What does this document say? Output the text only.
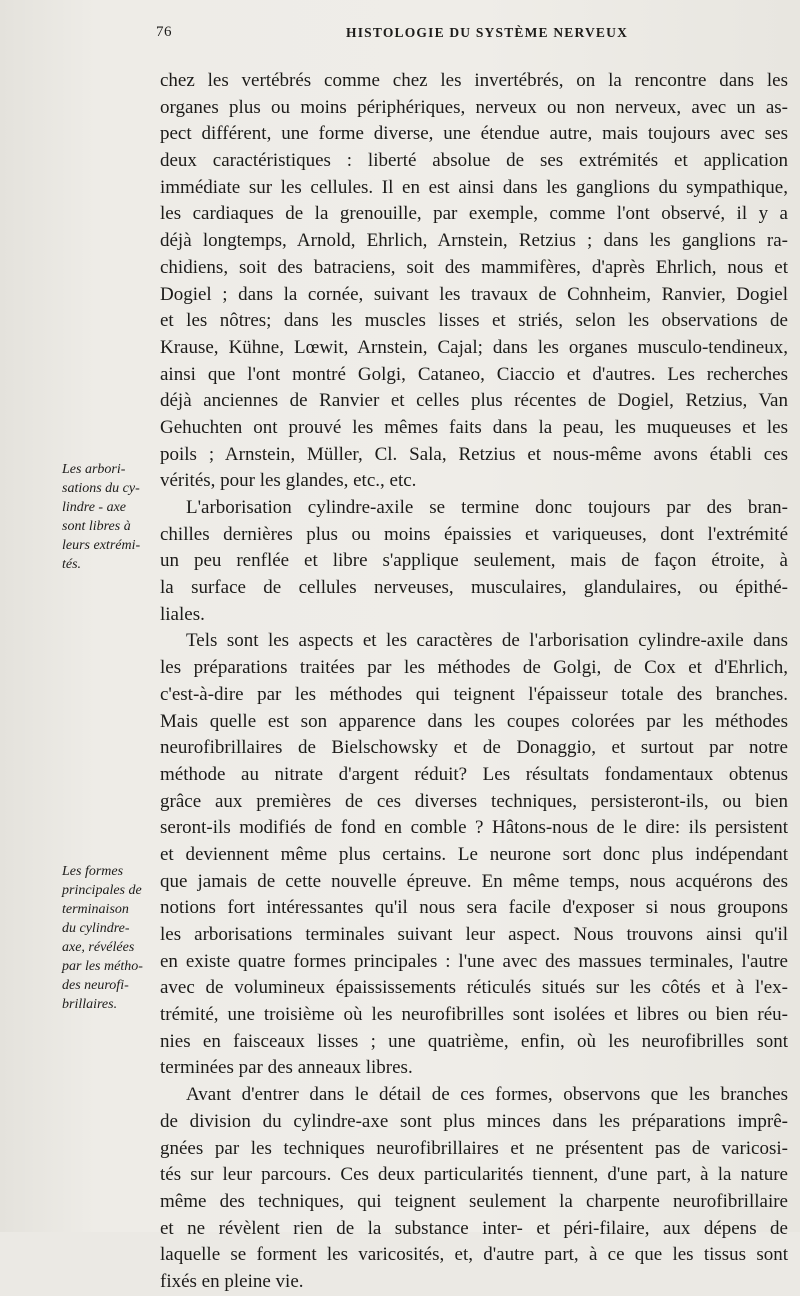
76	HISTOLOGIE DU SYSTÈME NERVEUX
Les arbori-
sations du cy-
lindre - axe
sont libres à
leurs extrémi-
tés.
Les formes
principales de
terminaison
du cylindre-
axe, révélées
par les métho-
des neurofi-
brillaires.
chez les vertébrés comme chez les invertébrés, on la rencontre dans les
organes plus ou moins périphériques, nerveux ou non nerveux, avec un as-
pect différent, une forme diverse, une étendue autre, mais toujours avec ses
deux caractéristiques : liberté absolue de ses extrémités et application
immédiate sur les cellules. Il en est ainsi dans les ganglions du sympathique,
les cardiaques de la grenouille, par exemple, comme l'ont observé, il y a
déjà longtemps, Arnold, Ehrlich, Arnstein, Retzius ; dans les ganglions ra-
chidiens, soit des batraciens, soit des mammifères, d'après Ehrlich, nous et
Dogiel ; dans la cornée, suivant les travaux de Cohnheim, Ranvier, Dogiel
et les nôtres; dans les muscles lisses et striés, selon les observations de
Krause, Kühne, Lœwit, Arnstein, Cajal; dans les organes musculo-tendineux,
ainsi que l'ont montré Golgi, Cataneo, Ciaccio et d'autres. Les recherches
déjà anciennes de Ranvier et celles plus récentes de Dogiel, Retzius, Van
Gehuchten ont prouvé les mêmes faits dans la peau, les muqueuses et les
poils ; Arnstein, Müller, Cl. Sala, Retzius et nous-même avons établi ces
vérités, pour les glandes, etc., etc.
L'arborisation cylindre-axile se termine donc toujours par des bran-
chilles dernières plus ou moins épaissies et variqueuses, dont l'extrémité
un peu renflée et libre s'applique seulement, mais de façon étroite, à
la surface de cellules nerveuses, musculaires, glandulaires, ou épithé-
liales.
Tels sont les aspects et les caractères de l'arborisation cylindre-axile dans
les préparations traitées par les méthodes de Golgi, de Cox et d'Ehrlich,
c'est-à-dire par les méthodes qui teignent l'épaisseur totale des branches.
Mais quelle est son apparence dans les coupes colorées par les méthodes
neurofibrillaires de Bielschowsky et de Donaggio, et surtout par notre
méthode au nitrate d'argent réduit? Les résultats fondamentaux obtenus
grâce aux premières de ces diverses techniques, persisteront-ils, ou bien
seront-ils modifiés de fond en comble ? Hâtons-nous de le dire: ils persistent
et deviennent même plus certains. Le neurone sort donc plus indépendant
que jamais de cette nouvelle épreuve. En même temps, nous acquérons des
notions fort intéressantes qu'il nous sera facile d'exposer si nous groupons
les arborisations terminales suivant leur aspect. Nous trouvons ainsi qu'il
en existe quatre formes principales : l'une avec des massues terminales, l'autre
avec de volumineux épaississements réticulés situés sur les côtés et à l'ex-
trémité, une troisième où les neurofibrilles sont isolées et libres ou bien réu-
nies en faisceaux lisses ; une quatrième, enfin, où les neurofibrilles sont
terminées par des anneaux libres.
Avant d'entrer dans le détail de ces formes, observons que les branches
de division du cylindre-axe sont plus minces dans les préparations imprê-
gnées par les techniques neurofibrillaires et ne présentent pas de varicosi-
tés sur leur parcours. Ces deux particularités tiennent, d'une part, à la nature
même des techniques, qui teignent seulement la charpente neurofibrillaire
et ne révèlent rien de la substance inter- et péri-filaire, aux dépens de
laquelle se forment les varicosités, et, d'autre part, à ce que les tissus sont
fixés en pleine vie.
